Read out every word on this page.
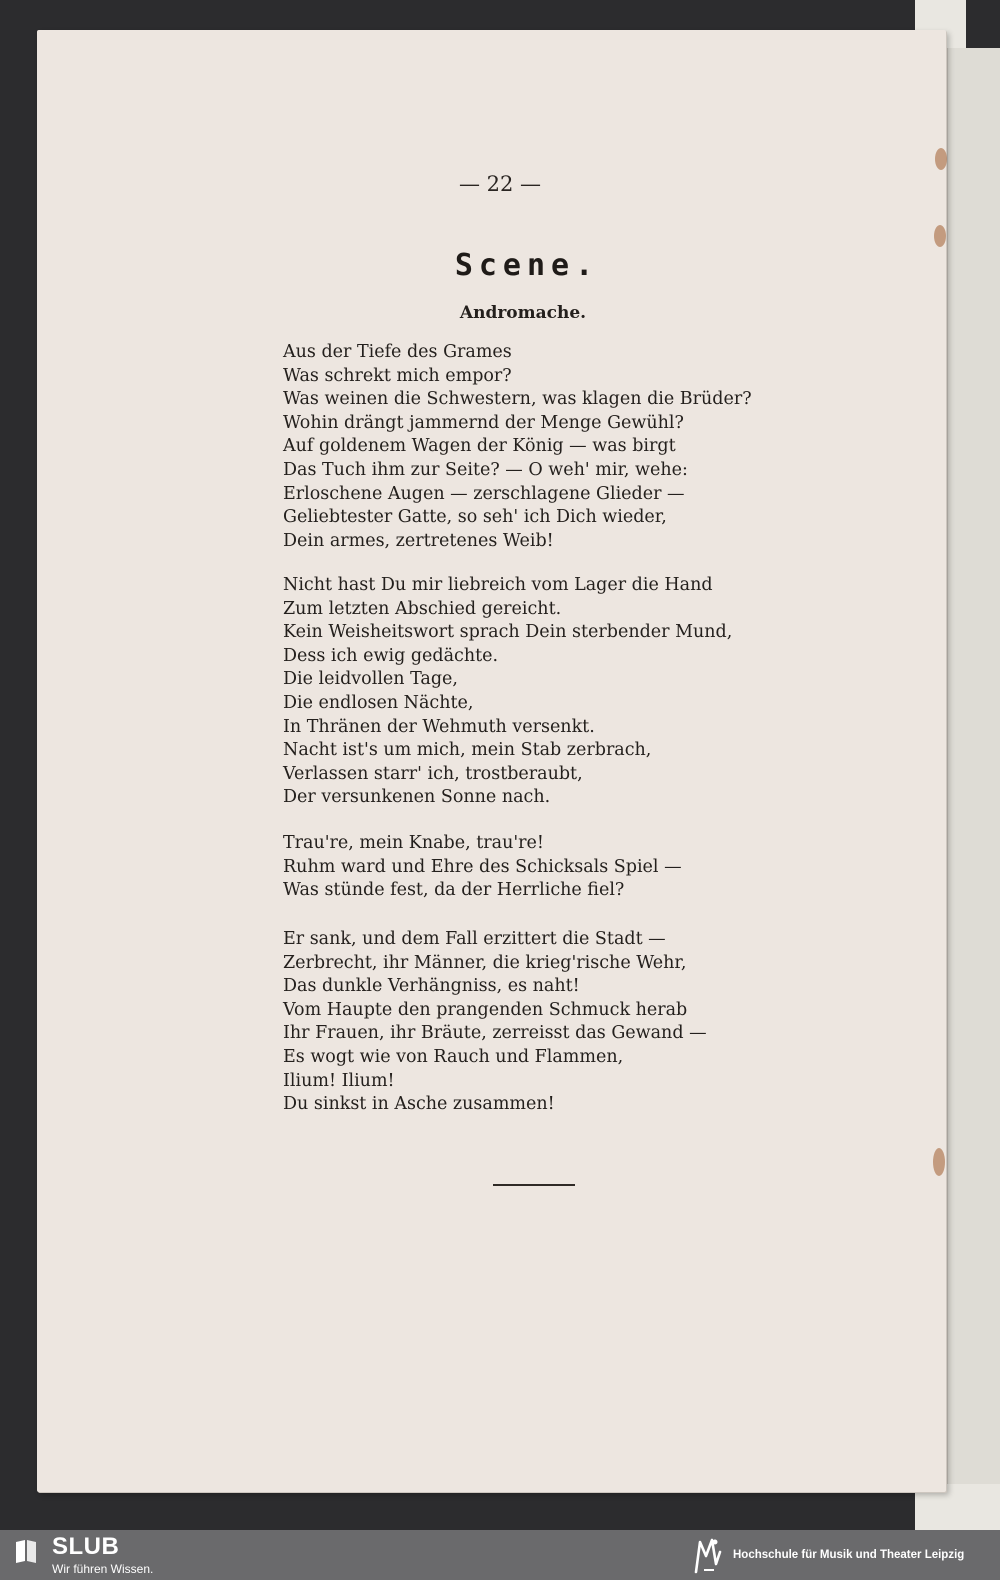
— 22 —
Scene.
Andromache.
Aus der Tiefe des Grames
Was schrekt mich empor?
Was weinen die Schwestern, was klagen die Brüder?
Wohin drängt jammernd der Menge Gewühl?
Auf goldenem Wagen der König — was birgt
Das Tuch ihm zur Seite? — O weh' mir, wehe:
Erloschene Augen — zerschlagene Glieder —
Geliebtester Gatte, so seh' ich Dich wieder,
Dein armes, zertretenes Weib!
Nicht hast Du mir liebreich vom Lager die Hand
Zum letzten Abschied gereicht.
Kein Weisheitswort sprach Dein sterbender Mund,
Dess ich ewig gedächte.
Die leidvollen Tage,
Die endlosen Nächte,
In Thränen der Wehmuth versenkt.
Nacht ist's um mich, mein Stab zerbrach,
Verlassen starr' ich, trostberaubt,
Der versunkenen Sonne nach.
Trau're, mein Knabe, trau're!
Ruhm ward und Ehre des Schicksals Spiel —
Was stünde fest, da der Herrliche fiel?
Er sank, und dem Fall erzittert die Stadt —
Zerbrecht, ihr Männer, die krieg'rische Wehr,
Das dunkle Verhängniss, es naht!
Vom Haupte den prangenden Schmuck herab
Ihr Frauen, ihr Bräute, zerreisst das Gewand —
Es wogt wie von Rauch und Flammen,
Ilium! Ilium!
Du sinkst in Asche zusammen!
SLUB
Wir führen Wissen.
Hochschule für Musik und Theater Leipzig
